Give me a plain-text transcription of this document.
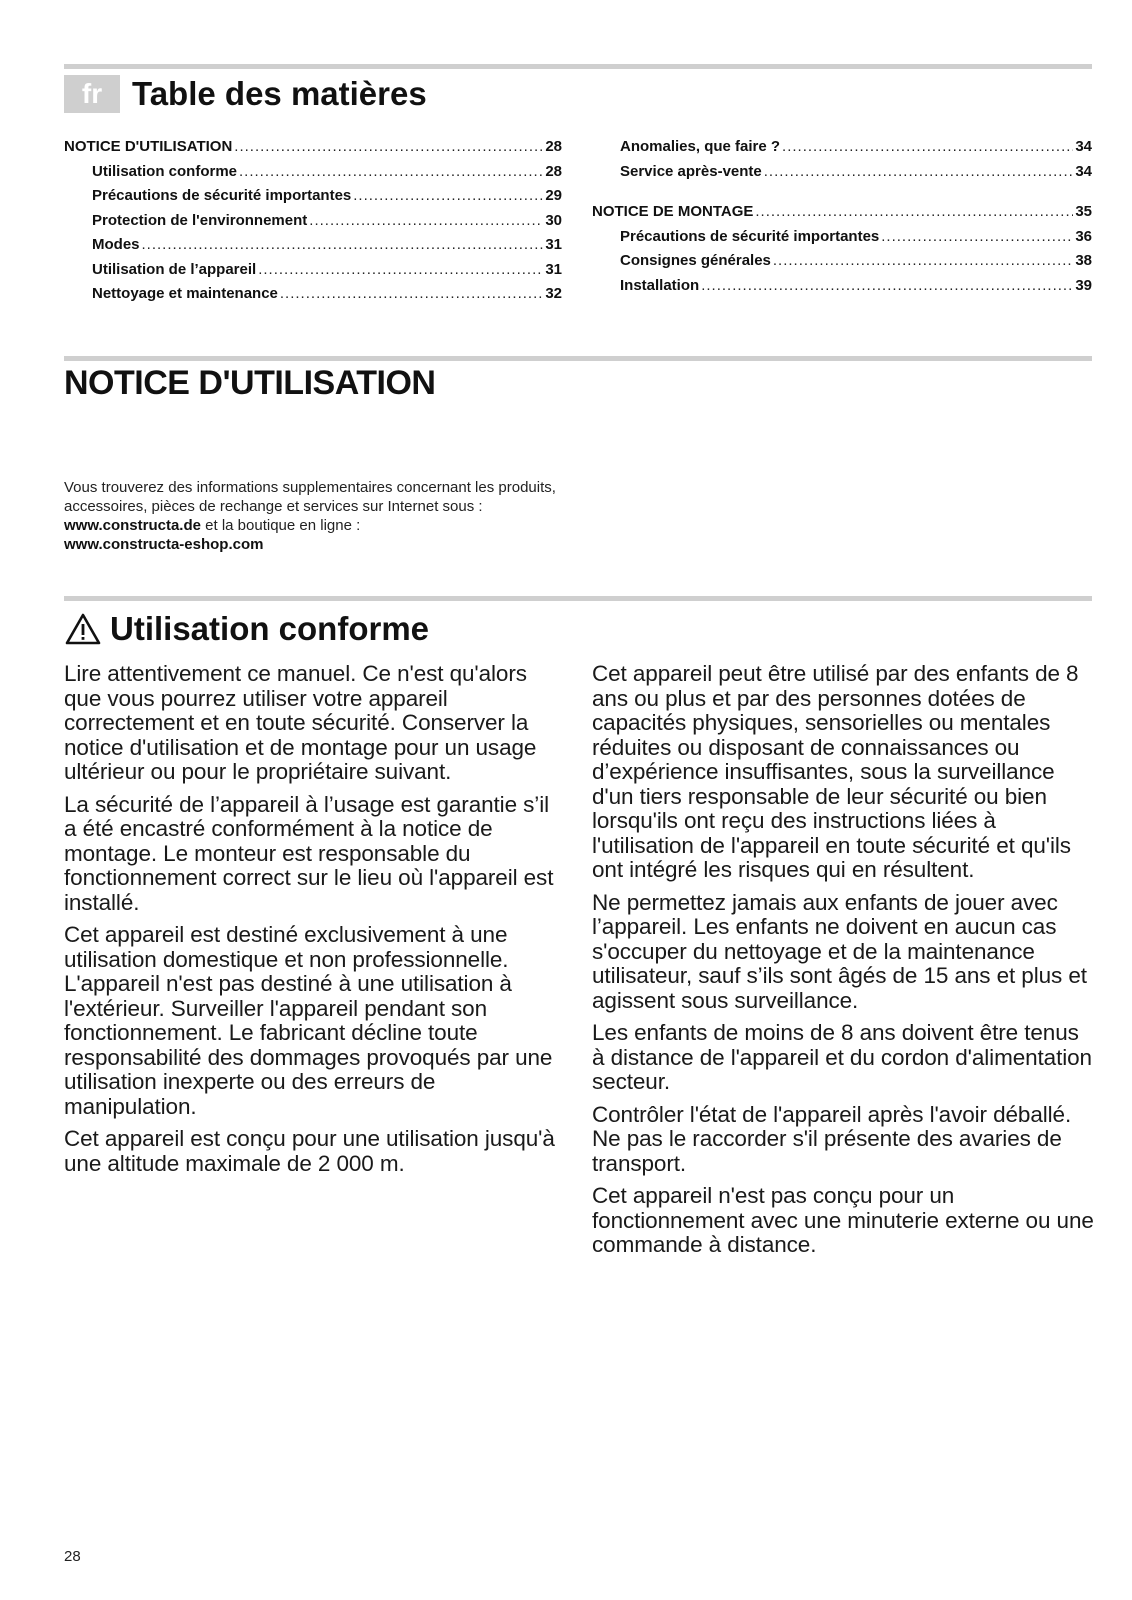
fr Table des matières
NOTICE D'UTILISATION .....	28
Utilisation conforme .....	28
Précautions de sécurité importantes .....	29
Protection de l'environnement .....	30
Modes .....	31
Utilisation de l’appareil .....	31
Nettoyage et maintenance .....	32
Anomalies, que faire ? .....	34
Service après-vente .....	34
NOTICE DE MONTAGE .....	35
Précautions de sécurité importantes .....	36
Consignes générales .....	38
Installation .....	39
NOTICE D'UTILISATION
Vous trouverez des informations supplementaires concernant les produits, accessoires, pièces de rechange et services sur Internet sous : www.constructa.de et la boutique en ligne :
www.constructa-eshop.com
Utilisation conforme

Lire attentivement ce manuel. Ce n'est qu'alors que vous pourrez utiliser votre appareil correctement et en toute sécurité. Conserver la notice d'utilisation et de montage pour un usage ultérieur ou pour le propriétaire suivant.

La sécurité de l’appareil à l’usage est garantie s’il a été encastré conformément à la notice de montage. Le monteur est responsable du fonctionnement correct sur le lieu où l'appareil est installé.

Cet appareil est destiné exclusivement à une utilisation domestique et non professionnelle. L'appareil n'est pas destiné à une utilisation à l'extérieur. Surveiller l'appareil pendant son fonctionnement. Le fabricant décline toute responsabilité des dommages provoqués par une utilisation inexperte ou des erreurs de manipulation.

Cet appareil est conçu pour une utilisation jusqu'à une altitude maximale de 2 000 m.

Cet appareil peut être utilisé par des enfants de 8 ans ou plus et par des personnes dotées de capacités physiques, sensorielles ou mentales réduites ou disposant de connaissances ou d’expérience insuffisantes, sous la surveillance d'un tiers responsable de leur sécurité ou bien lorsqu'ils ont reçu des instructions liées à l'utilisation de l'appareil en toute sécurité et qu'ils ont intégré les risques qui en résultent.

Ne permettez jamais aux enfants de jouer avec l’appareil. Les enfants ne doivent en aucun cas s'occuper du nettoyage et de la maintenance utilisateur, sauf s’ils sont âgés de 15 ans et plus et agissent sous surveillance.

Les enfants de moins de 8 ans doivent être tenus à distance de l'appareil et du cordon d'alimentation secteur.

Contrôler l'état de l'appareil après l'avoir déballé. Ne pas le raccorder s'il présente des avaries de transport.

Cet appareil n'est pas conçu pour un fonctionnement avec une minuterie externe ou une commande à distance.

28
